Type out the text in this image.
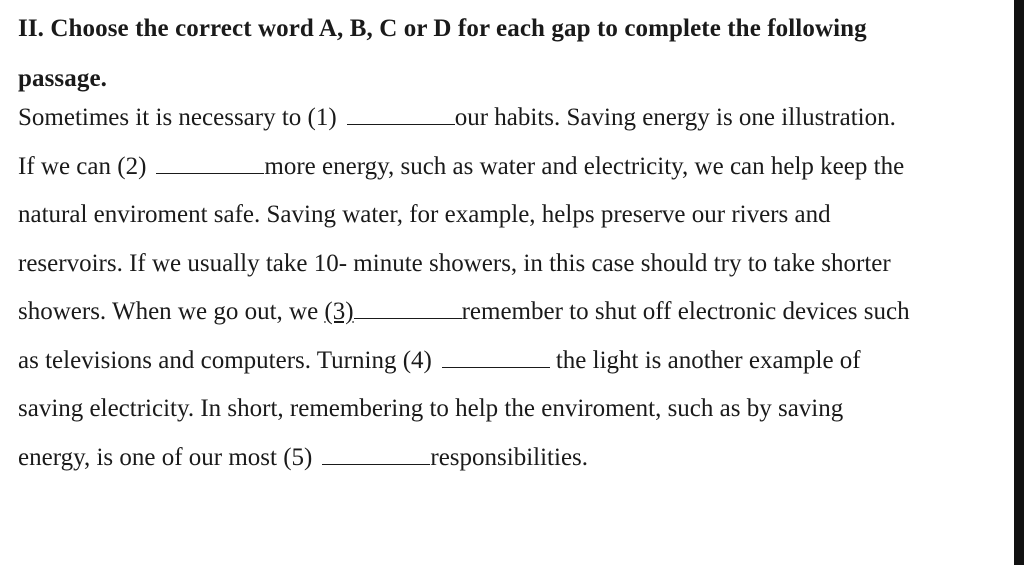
II. Choose the correct word A, B, C or D for each gap to complete the following
passage.
Sometimes it is necessary to (1)	our habits. Saving energy is one illustration.
If we can (2)	more energy, such as water and electricity, we can help keep the
natural enviroment safe. Saving water, for example, helps preserve our rivers and
reservoirs. If we usually take 10- minute showers, in this case should try to take shorter
showers. When we go out, we (3)	remember to shut off electronic devices such
as televisions and computers. Turning (4)	the light is another example of
saving electricity. In short, remembering to help the enviroment, such as by saving
energy, is one of our most (5)	responsibilities.
